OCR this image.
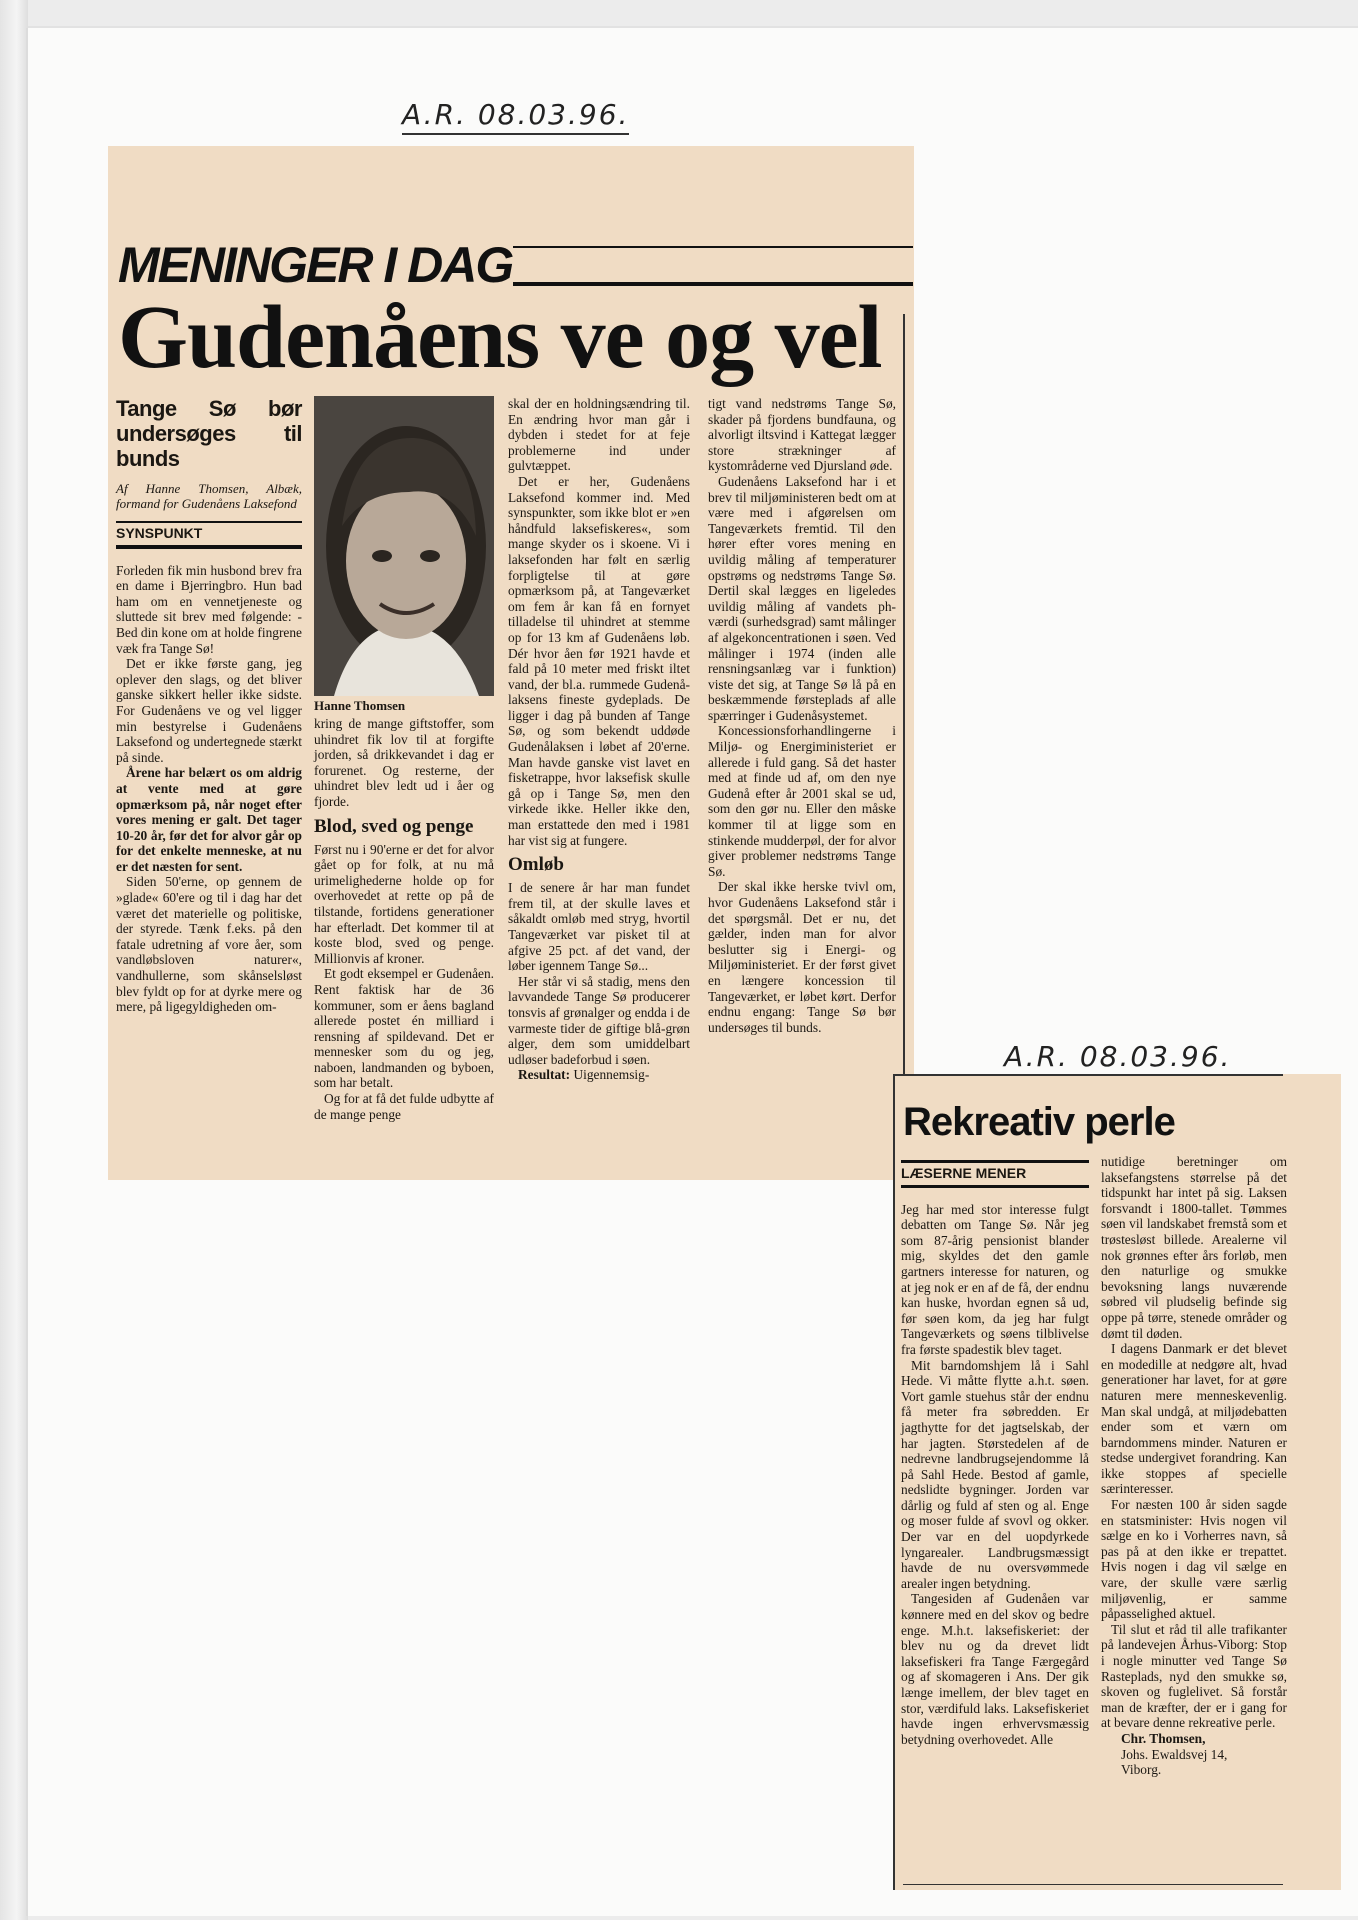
A.R. 08.03.96.
A.R. 08.03.96.
MENINGER I DAG
Gudenåens ve og vel
Tange Sø bør undersøges til bunds
Af Hanne Thomsen, Albæk, formand for Gudenåens Laksefond
SYNSPUNKT

Forleden fik min husbond brev fra en dame i Bjerringbro. Hun bad ham om en vennetjeneste og sluttede sit brev med følgende: - Bed din kone om at holde fingrene væk fra Tange Sø!

Det er ikke første gang, jeg oplever den slags, og det bliver ganske sikkert heller ikke sidste. For Gudenåens ve og vel ligger min bestyrelse i Gudenåens Laksefond og undertegnede stærkt på sinde.

Årene har belært os om aldrig at vente med at gøre opmærksom på, når noget efter vores mening er galt. Det tager 10-20 år, før det for alvor går op for det enkelte menneske, at nu er det næsten for sent.

Siden 50'erne, op gennem de »glade« 60'ere og til i dag har det været det materielle og politiske, der styrede. Tænk f.eks. på den fatale udretning af vore åer, som vandløbsloven naturer«, vandhullerne, som skånselsløst blev fyldt op for at dyrke mere og mere, på ligegyldigheden om-

Hanne Thomsen

kring de mange giftstoffer, som uhindret fik lov til at forgifte jorden, så drikkevandet i dag er forurenet. Og resterne, der uhindret blev ledt ud i åer og fjorde.

Blod, sved og penge

Først nu i 90'erne er det for alvor gået op for folk, at nu må urimelighederne holde op for overhovedet at rette op på de tilstande, fortidens generationer har efterladt. Det kommer til at koste blod, sved og penge. Millionvis af kroner.

Et godt eksempel er Gudenåen. Rent faktisk har de 36 kommuner, som er åens bagland allerede postet én milliard i rensning af spildevand. Det er mennesker som du og jeg, naboen, landmanden og byboen, som har betalt.

Og for at få det fulde udbytte af de mange penge

skal der en holdningsændring til. En ændring hvor man går i dybden i stedet for at feje problemerne ind under gulvtæppet.

Det er her, Gudenåens Laksefond kommer ind. Med synspunkter, som ikke blot er »en håndfuld laksefiskeres«, som mange skyder os i skoene. Vi i laksefonden har følt en særlig forpligtelse til at gøre opmærksom på, at Tangeværket om fem år kan få en fornyet tilladelse til uhindret at stemme op for 13 km af Gudenåens løb. Dér hvor åen før 1921 havde et fald på 10 meter med friskt iltet vand, der bl.a. rummede Gudenå-laksens fineste gydeplads. De ligger i dag på bunden af Tange Sø, og som bekendt uddøde Gudenålaksen i løbet af 20'erne. Man havde ganske vist lavet en fisketrappe, hvor laksefisk skulle gå op i Tange Sø, men den virkede ikke. Heller ikke den, man erstattede den med i 1981 har vist sig at fungere.

Omløb

I de senere år har man fundet frem til, at der skulle laves et såkaldt omløb med stryg, hvortil Tangeværket var pisket til at afgive 25 pct. af det vand, der løber igennem Tange Sø...

Her står vi så stadig, mens den lavvandede Tange Sø producerer tonsvis af grønalger og endda i de varmeste tider de giftige blå-grøn alger, dem som umiddelbart udløser badeforbud i søen.

Resultat: Uigennemsig-

tigt vand nedstrøms Tange Sø, skader på fjordens bundfauna, og alvorligt iltsvind i Kattegat lægger store strækninger af kystområderne ved Djursland øde.

Gudenåens Laksefond har i et brev til miljøministeren bedt om at være med i afgørelsen om Tangeværkets fremtid. Til den hører efter vores mening en uvildig måling af temperaturer opstrøms og nedstrøms Tange Sø. Dertil skal lægges en ligeledes uvildig måling af vandets ph-værdi (surhedsgrad) samt målinger af algekoncentrationen i søen. Ved målinger i 1974 (inden alle rensningsanlæg var i funktion) viste det sig, at Tange Sø lå på en beskæmmende førsteplads af alle spærringer i Gudenåsystemet.

Koncessionsforhandlingerne i Miljø- og Energiministeriet er allerede i fuld gang. Så det haster med at finde ud af, om den nye Gudenå efter år 2001 skal se ud, som den gør nu. Eller den måske kommer til at ligge som en stinkende mudderpøl, der for alvor giver problemer nedstrøms Tange Sø.

Der skal ikke herske tvivl om, hvor Gudenåens Laksefond står i det spørgsmål. Det er nu, det gælder, inden man for alvor beslutter sig i Energi- og Miljøministeriet. Er der først givet en længere koncession til Tangeværket, er løbet kørt. Derfor endnu engang: Tange Sø bør undersøges til bunds.

Rekreativ perle
LÆSERNE MENER

Jeg har med stor interesse fulgt debatten om Tange Sø. Når jeg som 87-årig pensionist blander mig, skyldes det den gamle gartners interesse for naturen, og at jeg nok er en af de få, der endnu kan huske, hvordan egnen så ud, før søen kom, da jeg har fulgt Tangeværkets og søens tilblivelse fra første spadestik blev taget.

Mit barndomshjem lå i Sahl Hede. Vi måtte flytte a.h.t. søen. Vort gamle stuehus står der endnu få meter fra søbredden. Er jagthytte for det jagtselskab, der har jagten. Størstedelen af de nedrevne landbrugsejendomme lå på Sahl Hede. Bestod af gamle, nedslidte bygninger. Jorden var dårlig og fuld af sten og al. Enge og moser fulde af svovl og okker. Der var en del uopdyrkede lyngarealer. Landbrugsmæssigt havde de nu oversvømmede arealer ingen betydning.

Tangesiden af Gudenåen var kønnere med en del skov og bedre enge. M.h.t. laksefiskeriet: der blev nu og da drevet lidt laksefiskeri fra Tange Færgegård og af skomageren i Ans. Der gik længe imellem, der blev taget en stor, værdifuld laks. Laksefiskeriet havde ingen erhvervsmæssig betydning overhovedet. Alle

nutidige beretninger om laksefangstens størrelse på det tidspunkt har intet på sig. Laksen forsvandt i 1800-tallet. Tømmes søen vil landskabet fremstå som et trøstesløst billede. Arealerne vil nok grønnes efter års forløb, men den naturlige og smukke bevoksning langs nuværende søbred vil pludselig befinde sig oppe på tørre, stenede områder og dømt til døden.

I dagens Danmark er det blevet en modedille at nedgøre alt, hvad generationer har lavet, for at gøre naturen mere menneskevenlig. Man skal undgå, at miljødebatten ender som et værn om barndommens minder. Naturen er stedse undergivet forandring. Kan ikke stoppes af specielle særinteresser.

For næsten 100 år siden sagde en statsminister: Hvis nogen vil sælge en ko i Vorherres navn, så pas på at den ikke er trepattet. Hvis nogen i dag vil sælge en vare, der skulle være særlig miljøvenlig, er samme påpasselighed aktuel.

Til slut et råd til alle trafikanter på landevejen Århus-Viborg: Stop i nogle minutter ved Tange Sø Rasteplads, nyd den smukke sø, skoven og fuglelivet. Så forstår man de kræfter, der er i gang for at bevare denne rekreative perle.

Chr. Thomsen,

Johs. Ewaldsvej 14,

Viborg.
